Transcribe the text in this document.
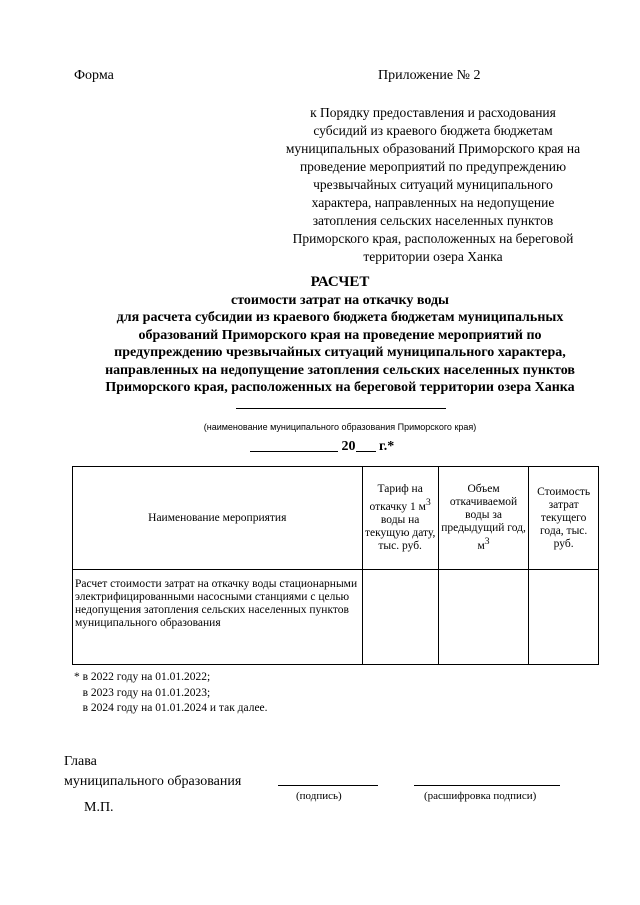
Форма	Приложение № 2
к Порядку предоставления и расходования
субсидий из краевого бюджета бюджетам
муниципальных образований Приморского края на
проведение мероприятий по предупреждению
чрезвычайных ситуаций муниципального
характера, направленных на недопущение
затопления сельских населенных пунктов
Приморского края, расположенных на береговой
территории озера Ханка
РАСЧЕТ
стоимости затрат на откачку воды
для расчета субсидии из краевого бюджета бюджетам муниципальных
образований Приморского края на проведение мероприятий по
предупреждению чрезвычайных ситуаций муниципального характера,
направленных на недопущение затопления сельских населенных пунктов
Приморского края, расположенных на береговой территории озера Ханка
(наименование муниципального образования Приморского края)
20 г.*
Наименование мероприятия	Тариф на откачку 1 $м^3$ воды на текущую дату, тыс. руб.	Объем откачиваемой воды за предыдущий год, $м^3$	Стоимость затрат текущего года, тыс. руб.
Расчет стоимости затрат на откачку воды стационарными электрифицированными насосными станциями с целью недопущения затопления сельских населенных пунктов муниципального образования			
* в 2022 году на 01.01.2022;
в 2023 году на 01.01.2023;
в 2024 году на 01.01.2024 и так далее.
Глава
муниципального образования
(подпись)	(расшифровка подписи)
М.П.
